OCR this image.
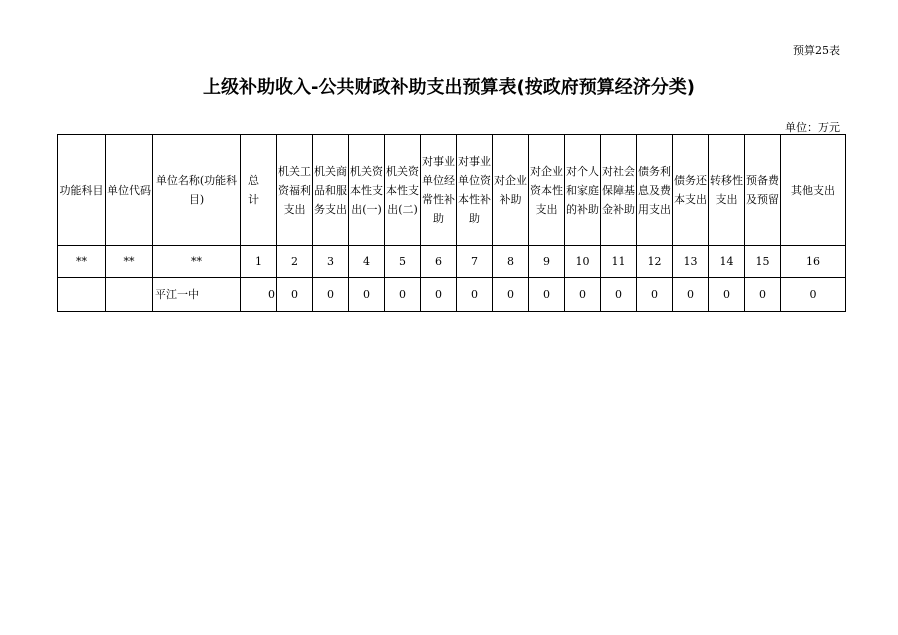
预算25表
上级补助收入-公共财政补助支出预算表(按政府预算经济分类)
单位：万元
功能科目	单位代码	单位名称(功能科目)	总计	机关工资福利支出	机关商品和服务支出	机关资本性支出(一)	机关资本性支出(二)	对事业单位经常性补助	对事业单位资本性补助	对企业补助	对企业资本性支出	对个人和家庭的补助	对社会保障基金补助	债务利息及费用支出	债务还本支出	转移性支出	预备费及预留	其他支出
**	**	**	1	2	3	4	5	6	7	8	9	10	11	12	13	14	15	16
		平江一中	0	0	0	0	0	0	0	0	0	0	0	0	0	0	0	0
